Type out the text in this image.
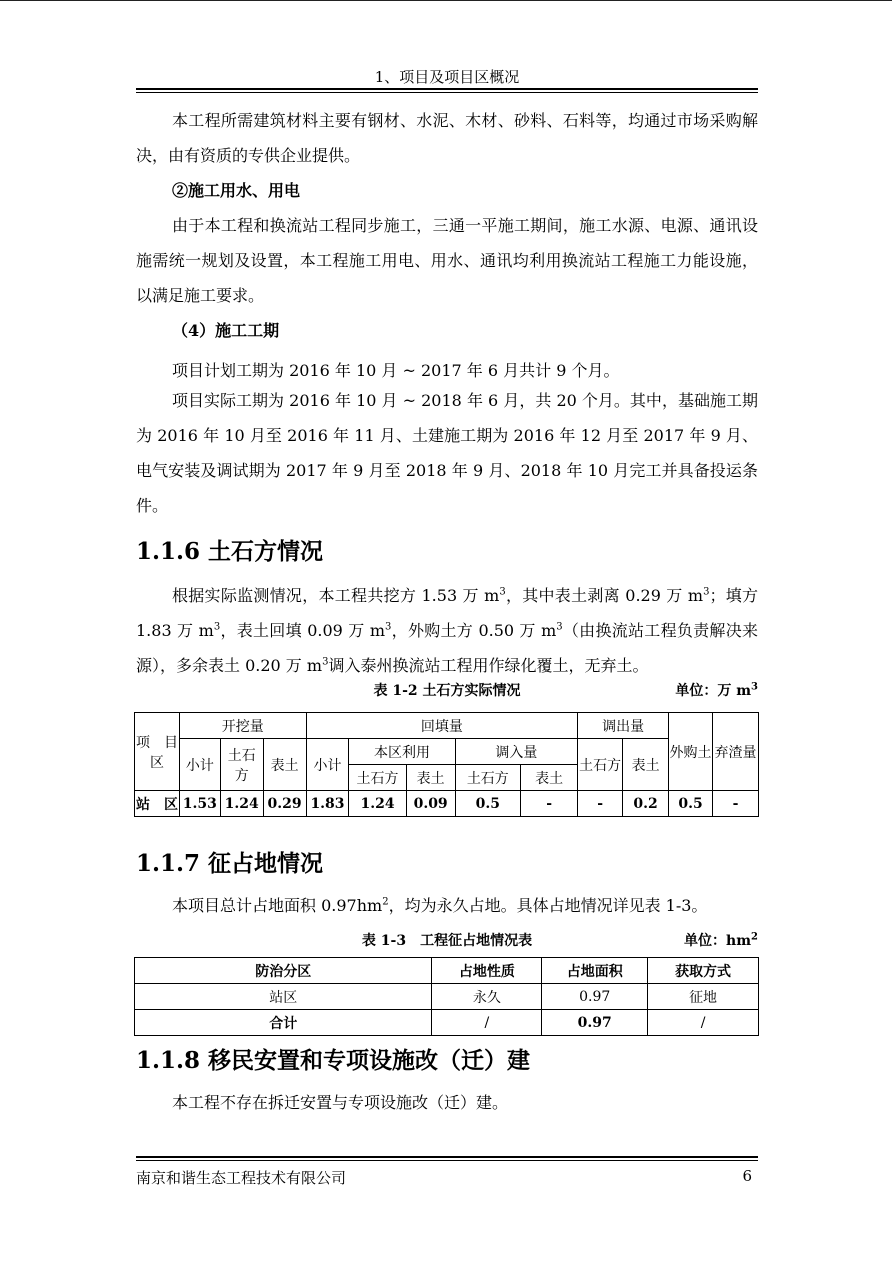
1、项目及项目区概况

本工程所需建筑材料主要有钢材、水泥、木材、砂料、石料等，均通过市场采购解决，由有资质的专供企业提供。

②施工用水、用电

由于本工程和换流站工程同步施工，三通一平施工期间，施工水源、电源、通讯设施需统一规划及设置，本工程施工用电、用水、通讯均利用换流站工程施工力能设施，以满足施工要求。

（4）施工工期

项目计划工期为 2016 年 10 月 ~ 2017 年 6 月共计 9 个月。

项目实际工期为 2016 年 10 月 ~ 2018 年 6 月，共 20 个月。其中，基础施工期为 2016 年 10 月至 2016 年 11 月、土建施工期为 2016 年 12 月至 2017 年 9 月、电气安装及调试期为 2017 年 9 月至 2018 年 9 月、2018 年 10 月完工并具备投运条件。

1.1.6 土石方情况

根据实际监测情况，本工程共挖方 1.53 万 $m^3$，其中表土剥离 0.29 万 $m^3$；填方 1.83 万 $m^3$，表土回填 0.09 万 $m^3$，外购土方 0.50 万 $m^3$（由换流站工程负责解决来源），多余表土 0.20 万 $m^3$调入泰州换流站工程用作绿化覆土，无弃土。

表 1-2 土石方实际情况	单位：万 $m^3$
项　目区	开挖量			回填量					调出量		外购土	弃渣量
	小计	土石方	表土	小计	本区利用		调入量		土石方	表土		
					土石方	表土	土石方	表土				
站　区	1.53	1.24	0.29	1.83	1.24	0.09	0.5	-	-	0.2	0.5	-
1.1.7 征占地情况

本项目总计占地面积 $0.97hm^2$，均为永久占地。具体占地情况详见表 1-3。

表 1-3　工程征占地情况表	单位：$hm^2$
防治分区	占地性质	占地面积	获取方式
站区	永久	0.97	征地
合计	/	0.97	/
1.1.8 移民安置和专项设施改（迁）建

本工程不存在拆迁安置与专项设施改（迁）建。

南京和谐生态工程技术有限公司	6
